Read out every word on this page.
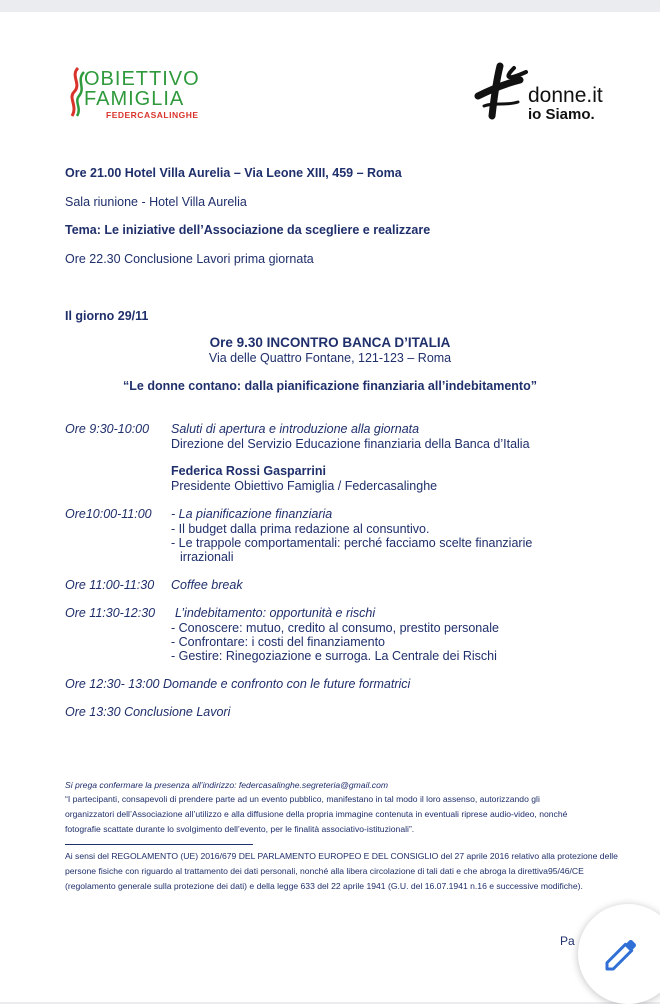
OBIETTIVO
FAMIGLIA
FEDERCASALINGHE
donne.it
io Siamo.
Ore 21.00 Hotel Villa Aurelia – Via Leone XIII, 459 – Roma
Sala riunione - Hotel Villa Aurelia
Tema: Le iniziative dell’Associazione da scegliere e realizzare
Ore 22.30 Conclusione Lavori prima giornata
Il giorno 29/11
Ore 9.30 INCONTRO BANCA D’ITALIA
Via delle Quattro Fontane, 121-123 – Roma
“Le donne contano: dalla pianificazione finanziaria all’indebitamento”
Ore 9:30-10:00 Saluti di apertura e introduzione alla giornata
Direzione del Servizio Educazione finanziaria della Banca d’Italia
Federica Rossi Gasparrini
Presidente Obiettivo Famiglia / Federcasalinghe
Ore10:00-11:00 - La pianificazione finanziaria
- Il budget dalla prima redazione al consuntivo.
- Le trappole comportamentali: perché facciamo scelte finanziarie
irrazionali
Ore 11:00-11:30 Coffee break
Ore 11:30-12:30 L’indebitamento: opportunità e rischi
- Conoscere: mutuo, credito al consumo, prestito personale
- Confrontare: i costi del finanziamento
- Gestire: Rinegoziazione e surroga. La Centrale dei Rischi
Ore 12:30- 13:00 Domande e confronto con le future formatrici
Ore 13:30 Conclusione Lavori
Si prega confermare la presenza all’indirizzo: federcasalinghe.segreteria@gmail.com
“I partecipanti, consapevoli di prendere parte ad un evento pubblico, manifestano in tal modo il loro assenso, autorizzando gli
organizzatori dell’Associazione all’utilizzo e alla diffusione della propria immagine contenuta in eventuali riprese audio-video, nonché
fotografie scattate durante lo svolgimento dell’evento, per le finalità associativo-istituzionali”.
Ai sensi del REGOLAMENTO (UE) 2016/679 DEL PARLAMENTO EUROPEO E DEL CONSIGLIO del 27 aprile 2016 relativo alla protezione delle
persone fisiche con riguardo al trattamento dei dati personali, nonché alla libera circolazione di tali dati e che abroga la direttiva95/46/CE
(regolamento generale sulla protezione dei dati) e della legge 633 del 22 aprile 1941 (G.U. del 16.07.1941 n.16 e successive modifiche).
Pa
